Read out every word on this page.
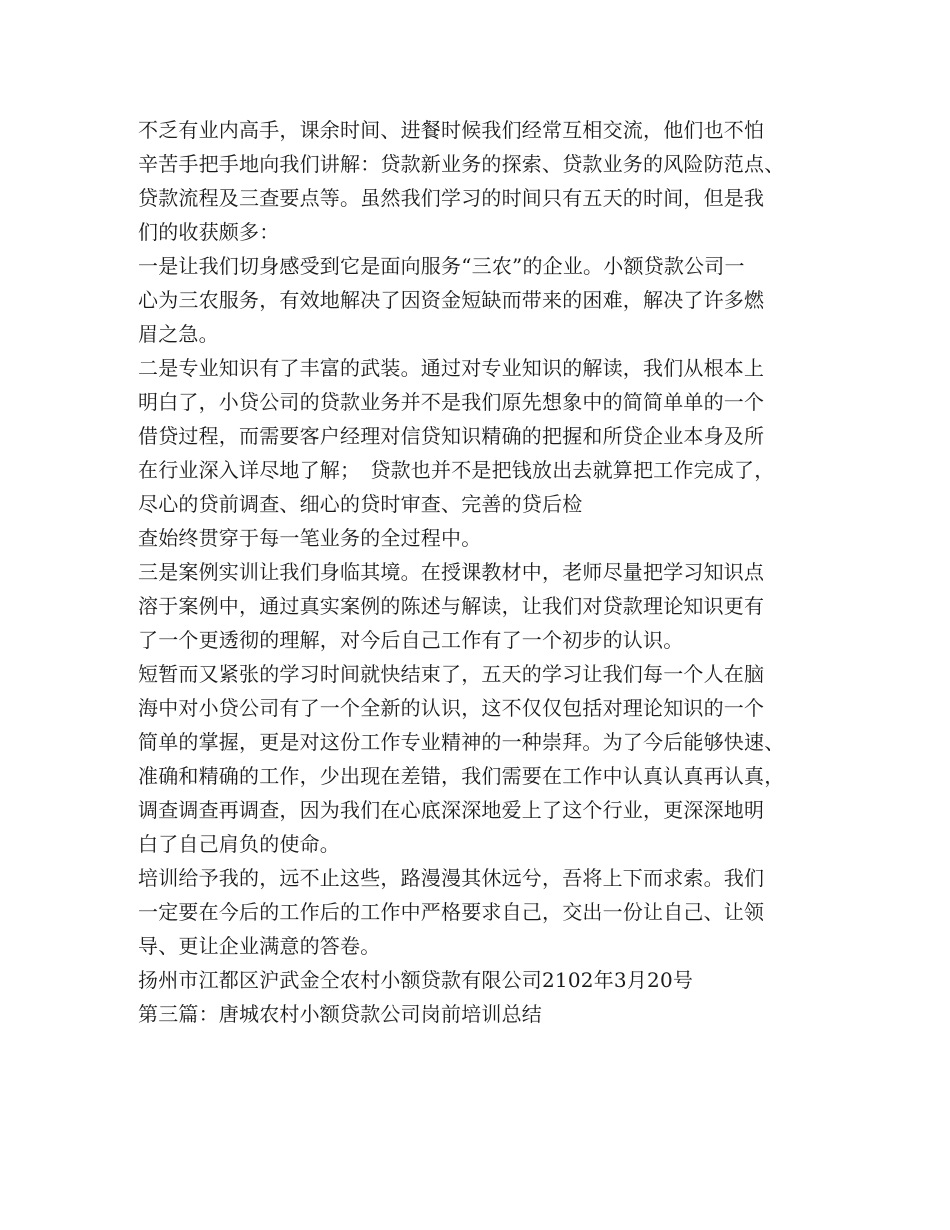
不乏有业内高手，课余时间、进餐时候我们经常互相交流，他们也不怕
辛苦手把手地向我们讲解：贷款新业务的探索、贷款业务的风险防范点、
贷款流程及三查要点等。虽然我们学习的时间只有五天的时间，但是我
们的收获颇多：
一是让我们切身感受到它是面向服务“三农”的企业。小额贷款公司一
心为三农服务，有效地解决了因资金短缺而带来的困难，解决了许多燃
眉之急。
二是专业知识有了丰富的武装。通过对专业知识的解读，我们从根本上
明白了，小贷公司的贷款业务并不是我们原先想象中的简简单单的一个
借贷过程，而需要客户经理对信贷知识精确的把握和所贷企业本身及所
在行业深入详尽地了解；　贷款也并不是把钱放出去就算把工作完成了，
尽心的贷前调查、细心的贷时审查、完善的贷后检
查始终贯穿于每一笔业务的全过程中。
三是案例实训让我们身临其境。在授课教材中，老师尽量把学习知识点
溶于案例中，通过真实案例的陈述与解读，让我们对贷款理论知识更有
了一个更透彻的理解，对今后自己工作有了一个初步的认识。
短暂而又紧张的学习时间就快结束了，五天的学习让我们每一个人在脑
海中对小贷公司有了一个全新的认识，这不仅仅包括对理论知识的一个
简单的掌握，更是对这份工作专业精神的一种崇拜。为了今后能够快速、
准确和精确的工作，少出现在差错，我们需要在工作中认真认真再认真，
调查调查再调查，因为我们在心底深深地爱上了这个行业，更深深地明
白了自己肩负的使命。
培训给予我的，远不止这些，路漫漫其休远兮，吾将上下而求索。我们
一定要在今后的工作后的工作中严格要求自己，交出一份让自己、让领
导、更让企业满意的答卷。
扬州市江都区沪武金仝农村小额贷款有限公司2102年3月20号
第三篇：唐城农村小额贷款公司岗前培训总结
